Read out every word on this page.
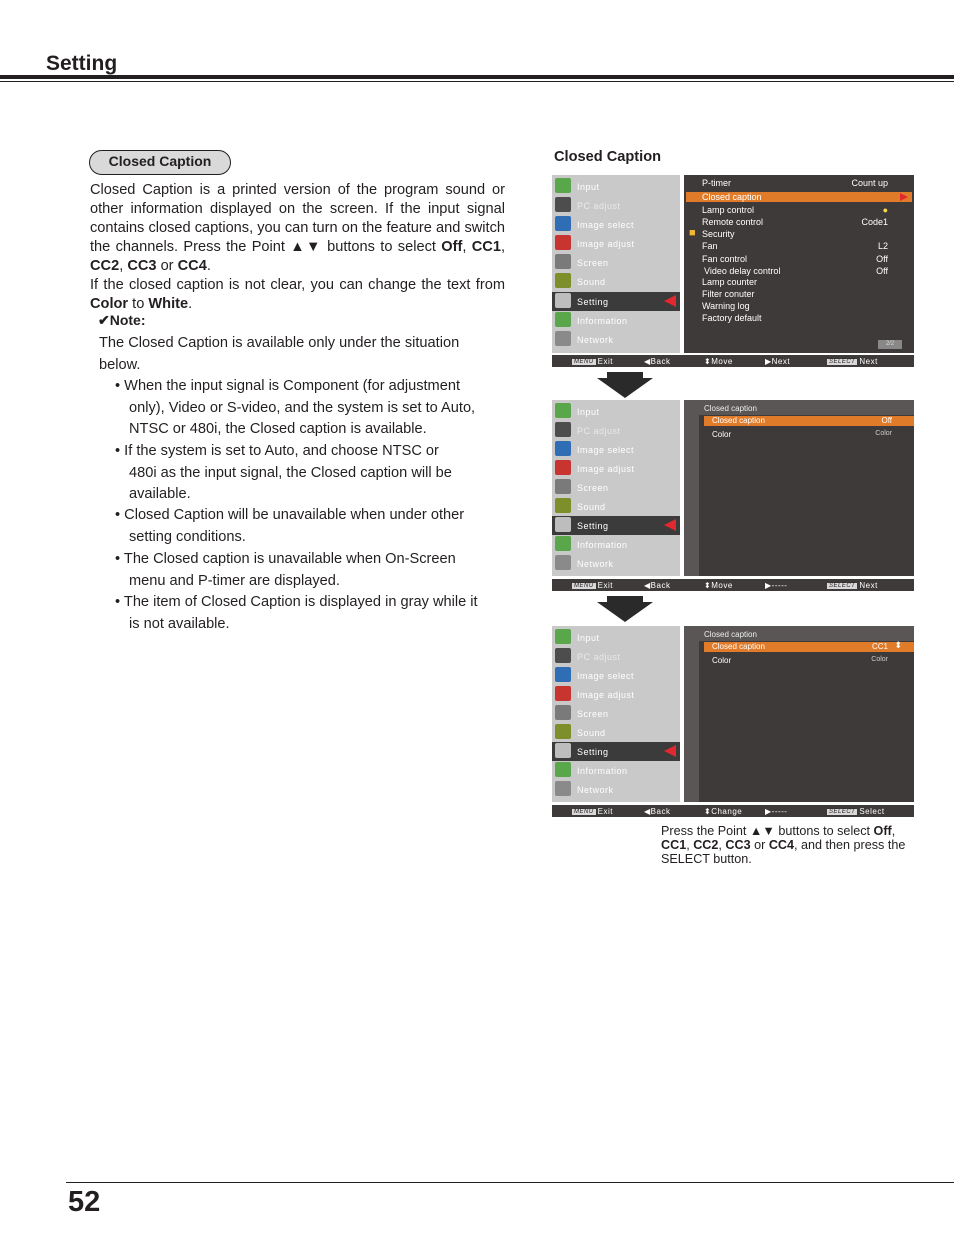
Setting
Closed Caption

Closed Caption is a printed version of the program sound or other information displayed on the screen. If the input signal contains closed captions, you can turn on the feature and switch the channels. Press the Point ▲▼ buttons to select Off, CC1, CC2, CC3 or CC4.
If the closed caption is not clear, you can change the text from Color to White.

✔Note:
The Closed Caption is available only under the situation below.
• When the input signal is Component (for adjustment
only), Video or S-video, and the system is set to Auto, NTSC or 480i, the Closed caption is available.
• If the system is set to Auto, and choose NTSC or
480i as the input signal, the Closed caption will be available.
• Closed Caption will be unavailable when under other
setting conditions.
• The Closed caption is unavailable when On-Screen
menu and P-timer are displayed.
• The item of Closed Caption is displayed in gray while it
is not available.
Closed Caption
Input
PC adjust
Image select
Image adjust
Screen
Sound
Setting
Information
Network
P-timer	Count up
Closed caption
Lamp control	●
Remote control	Code1
■ Security
Fan	L2
Fan control	Off
Video delay control	Off
Lamp counter
Filter conuter
Warning log
Factory default
2/2
MENU Exit	◀Back	⬍Move	▶Next	SELECT Next
Input
PC adjust
Image select
Image adjust
Screen
Sound
Setting
Information
Network
Closed caption
Closed caption	Off
Color	Color
MENU Exit	◀Back	⬍Move	▶-----	SELECT Next
Input
PC adjust
Image select
Image adjust
Screen
Sound
Setting
Information
Network
Closed caption
Closed caption	CC1 ⬍
Color	Color
MENU Exit	◀Back	⬍Change	▶-----	SELECT Select
Press the Point ▲▼ buttons to select Off, CC1, CC2, CC3 or CC4, and then press the SELECT button.
52
